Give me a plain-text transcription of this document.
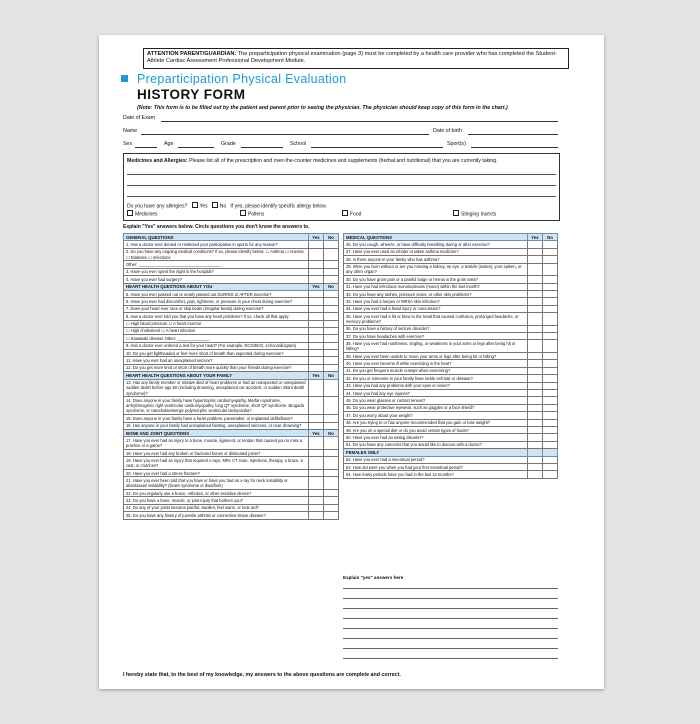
ATTENTION PARENT/GUARDIAN: The preparticipation physical examination (page 3) must be completed by a health care provider who has completed the Student-Athlete Cardiac Assessment Professional Development Module.
Preparticipation Physical Evaluation
HISTORY FORM
(Note: This form is to be filled out by the patient and parent prior to seeing the physician. The physician should keep copy of this form in the chart.)
Date of Exam
Name	Date of birth
Sex	Age	Grade	School	Sport(s)
Medicines and Allergies: Please list all of the prescription and over-the-counter medicines and supplements (herbal and nutritional) that you are currently taking.
Do you have any allergies? Yes No If yes, please identify specific allergy below.
Medicines	Pollens	Food	Stinging Insects
Explain "Yes" answers below. Circle questions you don't know the answers to.
GENERAL QUESTIONS	Yes	No
1. Has a doctor ever denied or restricted your participation in sports for any reason?		
2. Do you have any ongoing medical conditions? If so, please identify below: ☐ Asthma ☐ Anemia ☐ Diabetes ☐ Infections		
Other: ____________________________________		
3. Have you ever spent the night in the hospital?		
4. Have you ever had surgery?		
HEART HEALTH QUESTIONS ABOUT YOU	Yes	No
5. Have you ever passed out or nearly passed out DURING or AFTER exercise?		
6. Have you ever had discomfort, pain, tightness, or pressure in your chest during exercise?		
7. Does your heart ever race or skip beats (irregular beats) during exercise?		
8. Has a doctor ever told you that you have any heart problems? If so, check all that apply:		
☐ High blood pressure ☐ A heart murmur		
☐ High cholesterol ☐ A heart infection		
☐ Kawasaki disease Other: ______________		
9. Has a doctor ever ordered a test for your heart? (For example, ECG/EKG, echocardiogram)		
10. Do you get lightheaded or feel more short of breath than expected during exercise?		
11. Have you ever had an unexplained seizure?		
12. Do you get more tired or short of breath more quickly than your friends during exercise?		
HEART HEALTH QUESTIONS ABOUT YOUR FAMILY	Yes	No
13. Has any family member or relative died of heart problems or had an unexpected or unexplained sudden death before age 50 (including drowning, unexplained car accident, or sudden infant death syndrome)?		
14. Does anyone in your family have hypertrophic cardiomyopathy, Marfan syndrome, arrhythmogenic right ventricular cardiomyopathy, long QT syndrome, short QT syndrome, Brugada syndrome, or catecholaminergic polymorphic ventricular tachycardia?		
15. Does anyone in your family have a heart problem, pacemaker, or implanted defibrillator?		
16. Has anyone in your family had unexplained fainting, unexplained seizures, or near drowning?		
BONE AND JOINT QUESTIONS	Yes	No
17. Have you ever had an injury to a bone, muscle, ligament, or tendon that caused you to miss a practice or a game?		
18. Have you ever had any broken or fractured bones or dislocated joints?		
19. Have you ever had an injury that required x-rays, MRI, CT scan, injections, therapy, a brace, a cast, or crutches?		
20. Have you ever had a stress fracture?		
21. Have you ever been told that you have or have you had an x-ray for neck instability or atlantoaxial instability? (Down syndrome or dwarfism)		
22. Do you regularly use a brace, orthotics, or other assistive device?		
23. Do you have a bone, muscle, or joint injury that bothers you?		
24. Do any of your joints become painful, swollen, feel warm, or look red?		
25. Do you have any history of juvenile arthritis or connective tissue disease?		
MEDICAL QUESTIONS	Yes	No
26. Do you cough, wheeze, or have difficulty breathing during or after exercise?		
27. Have you ever used an inhaler or taken asthma medicine?		
28. Is there anyone in your family who has asthma?		
29. Were you born without or are you missing a kidney, an eye, a testicle (males), your spleen, or any other organ?		
30. Do you have groin pain or a painful bulge or hernia in the groin area?		
31. Have you had infectious mononucleosis (mono) within the last month?		
32. Do you have any rashes, pressure sores, or other skin problems?		
33. Have you had a herpes or MRSA skin infection?		
34. Have you ever had a head injury or concussion?		
35. Have you ever had a hit or blow to the head that caused confusion, prolonged headache, or memory problems?		
36. Do you have a history of seizure disorder?		
37. Do you have headaches with exercise?		
38. Have you ever had numbness, tingling, or weakness in your arms or legs after being hit or falling?		
39. Have you ever been unable to move your arms or legs after being hit or falling?		
40. Have you ever become ill while exercising in the heat?		
41. Do you get frequent muscle cramps when exercising?		
42. Do you or someone in your family have sickle cell trait or disease?		
43. Have you had any problems with your eyes or vision?		
44. Have you had any eye injuries?		
45. Do you wear glasses or contact lenses?		
46. Do you wear protective eyewear, such as goggles or a face shield?		
47. Do you worry about your weight?		
48. Are you trying to or has anyone recommended that you gain or lose weight?		
49. Are you on a special diet or do you avoid certain types of foods?		
50. Have you ever had an eating disorder?		
51. Do you have any concerns that you would like to discuss with a doctor?		
FEMALES ONLY		
52. Have you ever had a menstrual period?		
53. How old were you when you had your first menstrual period?		
54. How many periods have you had in the last 12 months?		
Explain "yes" answers here
I hereby state that, to the best of my knowledge, my answers to the above questions are complete and correct.
